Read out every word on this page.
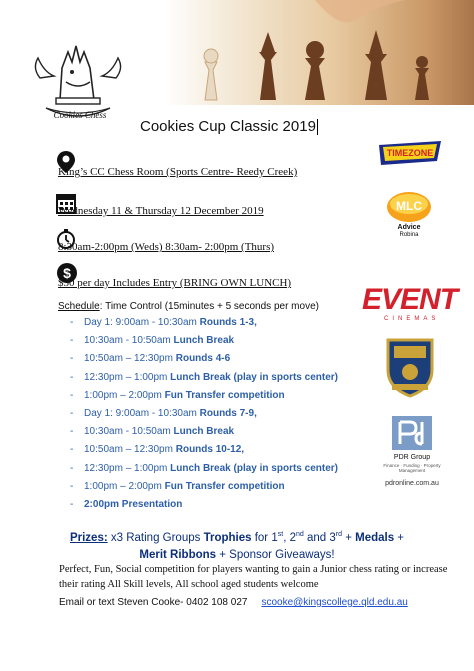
Cookies Chess
Cookies Cup Classic 2019
King’s CC Chess Room (Sports Centre- Reedy Creek)
Wednesday 11 & Thursday 12 December 2019
8:30am-2:00pm (Weds) 8:30am- 2:00pm (Thurs)
$
$30 per day Includes Entry (BRING OWN LUNCH)
Schedule: Time Control (15minutes + 5 seconds per move)
- Day 1: 9:00am - 10:30am Rounds 1-3,
- 10:30am - 10:50am Lunch Break
- 10:50am – 12:30pm Rounds 4-6
- 12:30pm – 1:00pm Lunch Break (play in sports center)
- 1:00pm – 2:00pm Fun Transfer competition
- Day 1: 9:00am - 10:30am Rounds 7-9,
- 10:30am - 10:50am Lunch Break
- 10:50am – 12:30pm Rounds 10-12,
- 12:30pm – 1:00pm Lunch Break (play in sports center)
- 1:00pm – 2:00pm Fun Transfer competition
- 2:00pm Presentation
TIMEZONE
MLC
Advice
Robina
EVENT
CINEMAS
PDR Group
Finance · Funding · Property Management
pdronline.com.au
Prizes: x3 Rating Groups Trophies for 1st, 2nd and 3rd + Medals +
Merit Ribbons + Sponsor Giveaways!
Perfect, Fun, Social competition for players wanting to gain a Junior chess rating or increase their rating All Skill levels, All school aged students welcome
Email or text Steven Cooke- 0402 108 027 scooke@kingscollege.qld.edu.au
